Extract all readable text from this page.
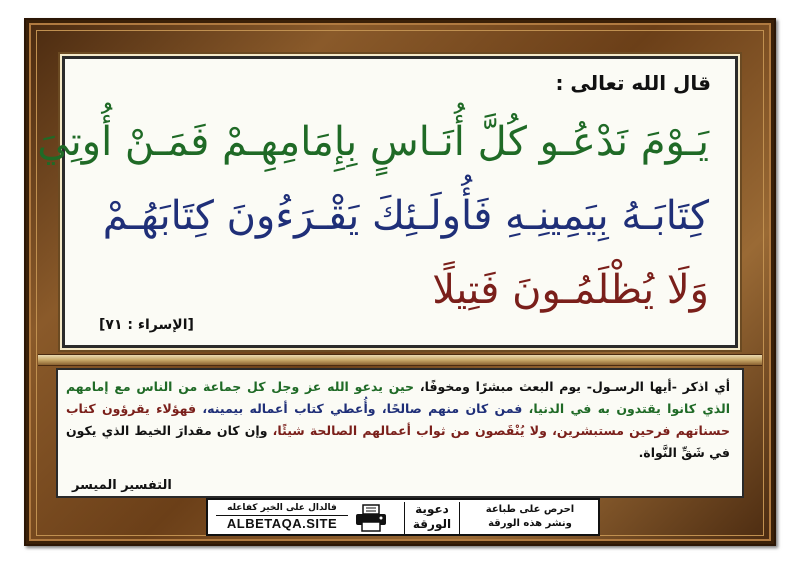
قال الله تعالى :
يَـوْمَ نَدْعُـو كُلَّ أُنَـاسٍ بِإِمَامِهِـمْ فَمَـنْ أُوتِيَ
كِتَابَـهُ بِيَمِينِـهِ فَأُولَـئِكَ يَقْـرَءُونَ كِتَابَهُـمْ
وَلَا يُظْلَمُـونَ فَتِيلًا
[الإسراء : ٧١]
أي اذكر -أيها الرسـول- يوم البعث مبشرًا ومخوفًا، حين يدعو الله عز وجل كل جماعة من الناس مع إمامهم الذي كانوا يقتدون به في الدنيا، فمن كان منهم صالحًا، وأُعطي كتاب أعماله بيمينه، فهؤلاء يقرؤون كتاب حسناتهم فرحين مستبشرين، ولا يُنْقَصون من ثواب أعمالهم الصالحة شيئًا، وإن كان مقدارَ الخيط الذي يكون في شَقِّ النَّواة.
التفسير الميسر
فالدال على الخير كفاعله
ALBETAQA.SITE
دعوية
الورقة
احرص على طباعة
ونشر هذه الورقة
